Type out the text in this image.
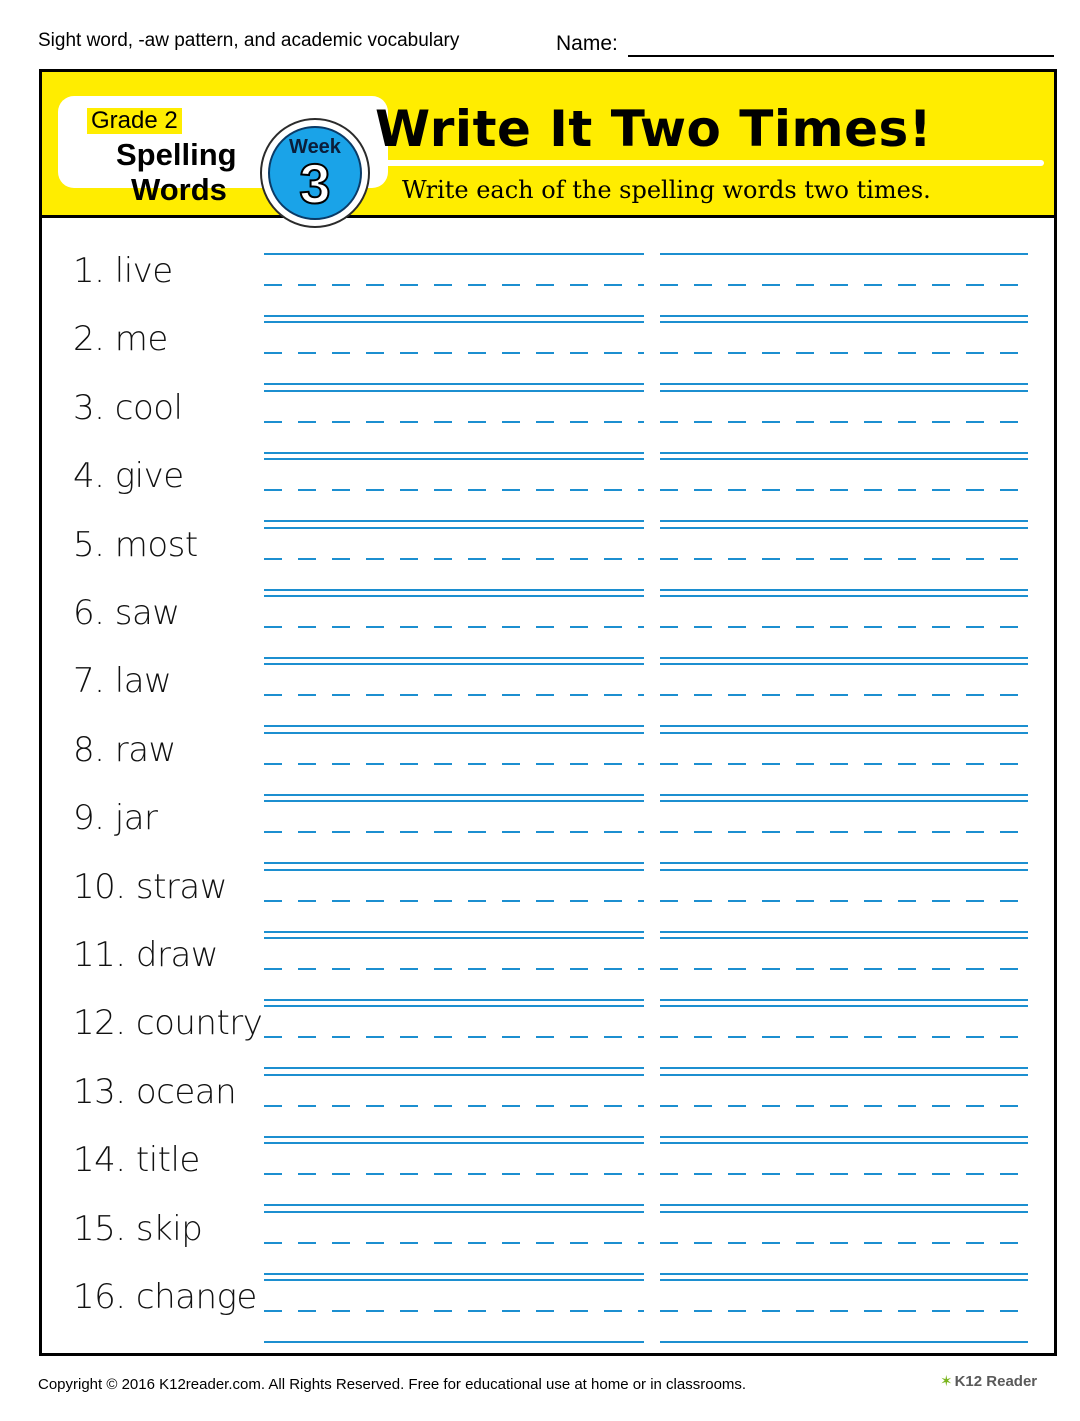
Sight word, -aw pattern, and academic vocabulary	Name:
Grade 2
Spelling
Words
Week
3
Write It Two Times!
Write each of the spelling words two times.
1. live
2. me
3. cool
4. give
5. most
6. saw
7. law
8. raw
9. jar
10. straw
11. draw
12. country
13. ocean
14. title
15. skip
16. change
Copyright © 2016 K12reader.com. All Rights Reserved. Free for educational use at home or in classrooms.	✶ K12 Reader
